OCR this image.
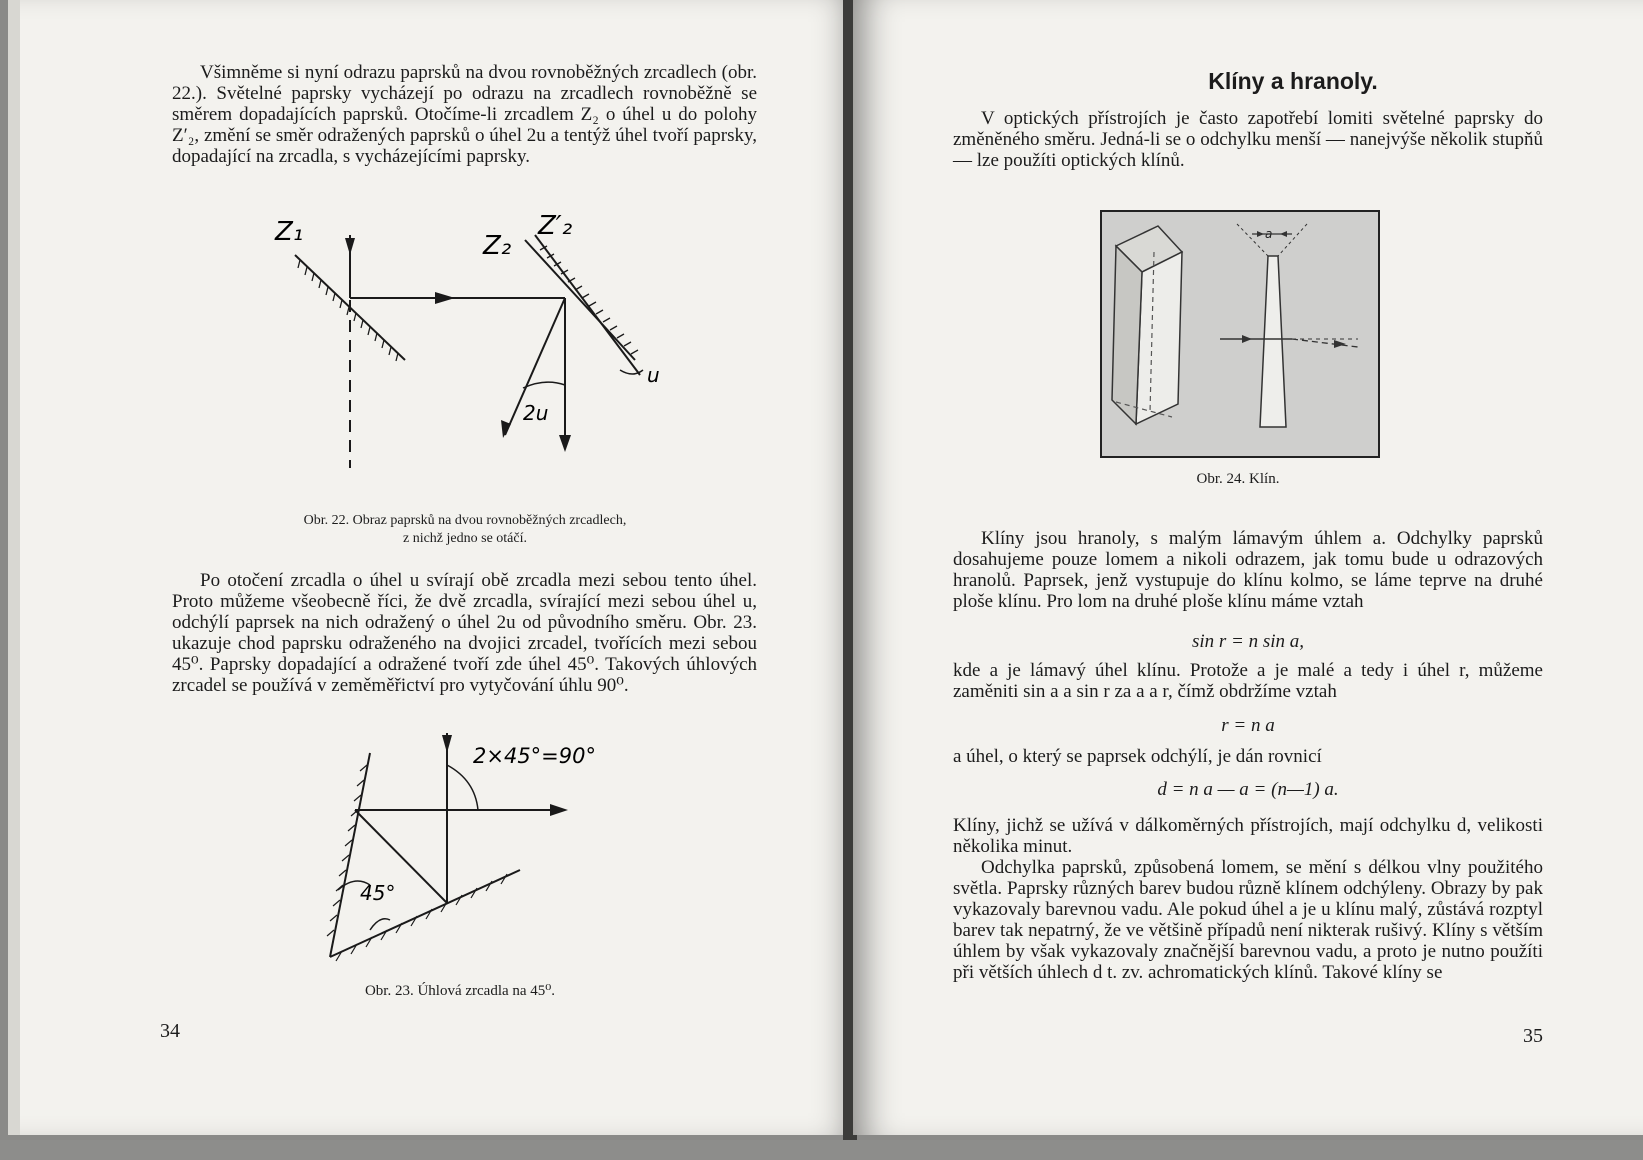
Všimněme si nyní odrazu paprsků na dvou rovnoběžných zrcadlech (obr. 22.). Světelné paprsky vycházejí po odrazu na zrcadlech rovnoběžně se směrem dopadajících paprsků. Otočíme-li zrcadlem Z₂ o úhel u do polohy Z′₂, změní se směr odražených paprsků o úhel 2u a tentýž úhel tvoří paprsky, dopadající na zrcadla, s vycházejícími paprsky.

Z₁	Z₂
Z′₂
u
2u
Obr. 22. Obraz paprsků na dvou rovnoběžných zrcadlech,
z nichž jedno se otáčí.

Po otočení zrcadla o úhel u svírají obě zrcadla mezi sebou tento úhel. Proto můžeme všeobecně říci, že dvě zrcadla, svírající mezi sebou úhel u, odchýlí paprsek na nich odražený o úhel 2u od původního směru. Obr. 23. ukazuje chod paprsku odraženého na dvojici zrcadel, tvořících mezi sebou 45⁰. Paprsky dopadající a odražené tvoří zde úhel 45⁰. Takových úhlových zrcadel se používá v zeměměřictví pro vytyčování úhlu 90⁰.

2×45°=90°
45°
Obr. 23. Úhlová zrcadla na 45⁰.
34
Klíny a hranoly.

V optických přístrojích je často zapotřebí lomiti světelné paprsky do změněného směru. Jedná-li se o odchylku menší — nanejvýše několik stupňů — lze použíti optických klínů.

a
Obr. 24. Klín.

Klíny jsou hranoly, s malým lámavým úhlem a. Odchylky paprsků dosahujeme pouze lomem a nikoli odrazem, jak tomu bude u odrazových hranolů. Paprsek, jenž vystupuje do klínu kolmo, se láme teprve na druhé ploše klínu. Pro lom na druhé ploše klínu máme vztah

sin r = n sin a,

kde a je lámavý úhel klínu. Protože a je malé a tedy i úhel r, můžeme zaměniti sin a a sin r za a a r, čímž obdržíme vztah

r = n a

a úhel, o který se paprsek odchýlí, je dán rovnicí

d = n a — a = (n—1) a.

Klíny, jichž se užívá v dálkoměrných přístrojích, mají odchylku d, velikosti několika minut.

Odchylka paprsků, způsobená lomem, se mění s délkou vlny použitého světla. Paprsky různých barev budou různě klínem odchýleny. Obrazy by pak vykazovaly barevnou vadu. Ale pokud úhel a je u klínu malý, zůstává rozptyl barev tak nepatrný, že ve většině případů není nikterak rušivý. Klíny s větším úhlem by však vykazovaly značnější barevnou vadu, a proto je nutno použíti při větších úhlech d t. zv. achromatických klínů. Takové klíny se

35
